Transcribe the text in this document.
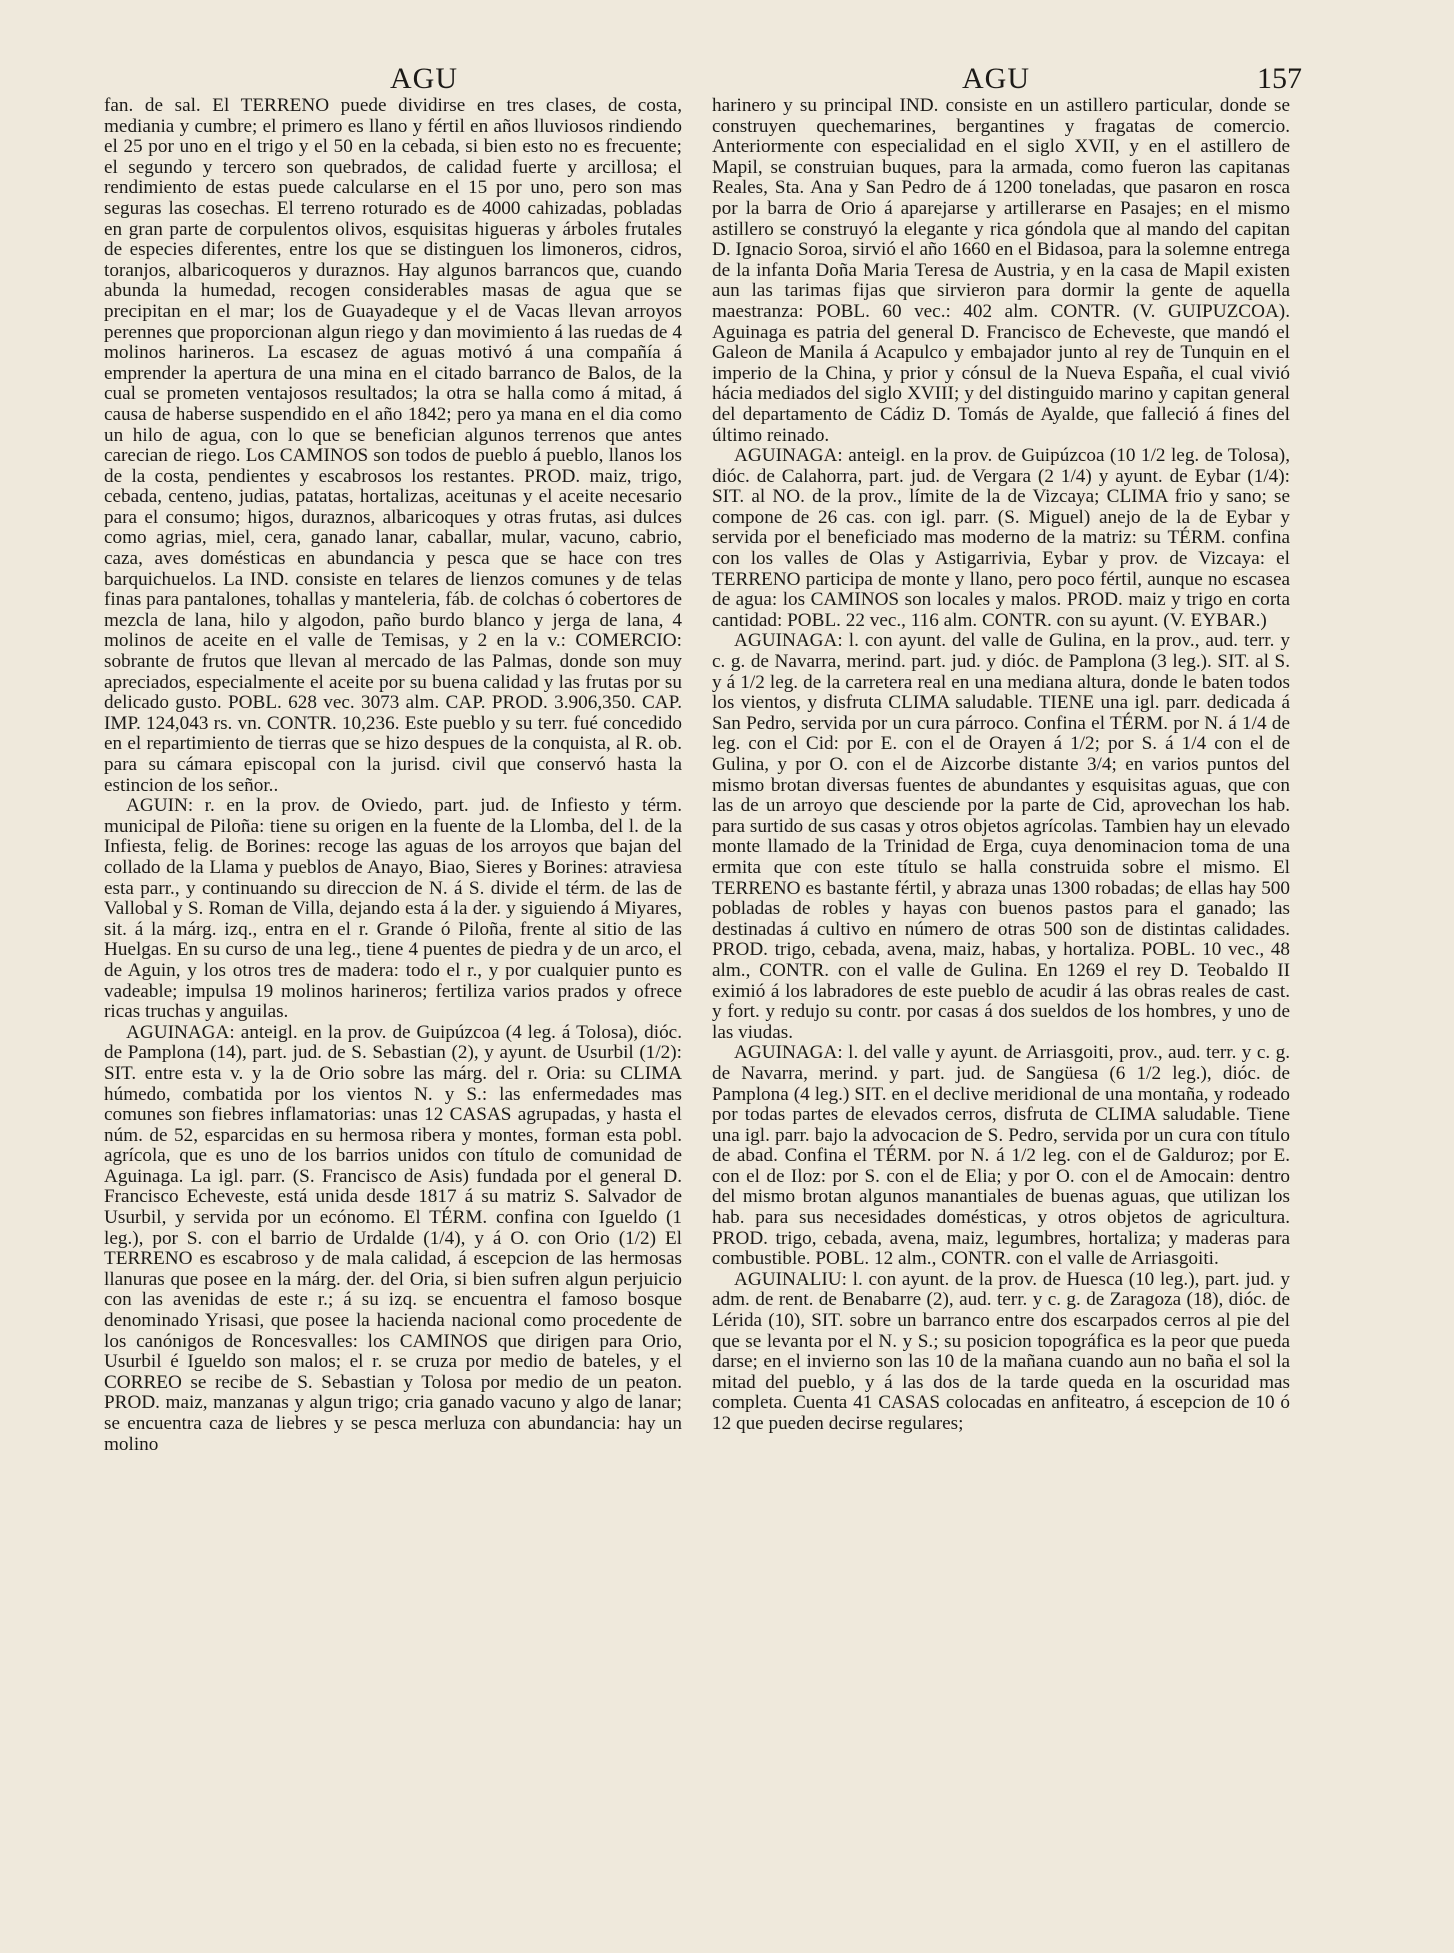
AGU	AGU	157

fan. de sal. El TERRENO puede dividirse en tres clases, de costa, mediania y cumbre; el primero es llano y fértil en años lluviosos rindiendo el 25 por uno en el trigo y el 50 en la cebada, si bien esto no es frecuente; el segundo y tercero son quebrados, de calidad fuerte y arcillosa; el rendimiento de estas puede calcularse en el 15 por uno, pero son mas seguras las cosechas. El terreno roturado es de 4000 cahizadas, pobladas en gran parte de corpulentos olivos, esquisitas higueras y árboles frutales de especies diferentes, entre los que se distinguen los limoneros, cidros, toranjos, albaricoqueros y duraznos. Hay algunos barrancos que, cuando abunda la humedad, recogen considerables masas de agua que se precipitan en el mar; los de Guayadeque y el de Vacas llevan arroyos perennes que proporcionan algun riego y dan movimiento á las ruedas de 4 molinos harineros. La escasez de aguas motivó á una compañía á emprender la apertura de una mina en el citado barranco de Balos, de la cual se prometen ventajosos resultados; la otra se halla como á mitad, á causa de haberse suspendido en el año 1842; pero ya mana en el dia como un hilo de agua, con lo que se benefician algunos terrenos que antes carecian de riego. Los CAMINOS son todos de pueblo á pueblo, llanos los de la costa, pendientes y escabrosos los restantes. PROD. maiz, trigo, cebada, centeno, judias, patatas, hortalizas, aceitunas y el aceite necesario para el consumo; higos, duraznos, albaricoques y otras frutas, asi dulces como agrias, miel, cera, ganado lanar, caballar, mular, vacuno, cabrio, caza, aves domésticas en abundancia y pesca que se hace con tres barquichuelos. La IND. consiste en telares de lienzos comunes y de telas finas para pantalones, tohallas y manteleria, fáb. de colchas ó cobertores de mezcla de lana, hilo y algodon, paño burdo blanco y jerga de lana, 4 molinos de aceite en el valle de Temisas, y 2 en la v.: COMERCIO: sobrante de frutos que llevan al mercado de las Palmas, donde son muy apreciados, especialmente el aceite por su buena calidad y las frutas por su delicado gusto. POBL. 628 vec. 3073 alm. CAP. PROD. 3.906,350. CAP. IMP. 124,043 rs. vn. CONTR. 10,236. Este pueblo y su terr. fué concedido en el repartimiento de tierras que se hizo despues de la conquista, al R. ob. para su cámara episcopal con la jurisd. civil que conservó hasta la estincion de los señor..

AGUIN: r. en la prov. de Oviedo, part. jud. de Infiesto y térm. municipal de Piloña: tiene su origen en la fuente de la Llomba, del l. de la Infiesta, felig. de Borines: recoge las aguas de los arroyos que bajan del collado de la Llama y pueblos de Anayo, Biao, Sieres y Borines: atraviesa esta parr., y continuando su direccion de N. á S. divide el térm. de las de Vallobal y S. Roman de Villa, dejando esta á la der. y siguiendo á Miyares, sit. á la márg. izq., entra en el r. Grande ó Piloña, frente al sitio de las Huelgas. En su curso de una leg., tiene 4 puentes de piedra y de un arco, el de Aguin, y los otros tres de madera: todo el r., y por cualquier punto es vadeable; impulsa 19 molinos harineros; fertiliza varios prados y ofrece ricas truchas y anguilas.

AGUINAGA: anteigl. en la prov. de Guipúzcoa (4 leg. á Tolosa), dióc. de Pamplona (14), part. jud. de S. Sebastian (2), y ayunt. de Usurbil (1/2): SIT. entre esta v. y la de Orio sobre las márg. del r. Oria: su CLIMA húmedo, combatida por los vientos N. y S.: las enfermedades mas comunes son fiebres inflamatorias: unas 12 CASAS agrupadas, y hasta el núm. de 52, esparcidas en su hermosa ribera y montes, forman esta pobl. agrícola, que es uno de los barrios unidos con título de comunidad de Aguinaga. La igl. parr. (S. Francisco de Asis) fundada por el general D. Francisco Echeveste, está unida desde 1817 á su matriz S. Salvador de Usurbil, y servida por un ecónomo. El TÉRM. confina con Igueldo (1 leg.), por S. con el barrio de Urdalde (1/4), y á O. con Orio (1/2) El TERRENO es escabroso y de mala calidad, á escepcion de las hermosas llanuras que posee en la márg. der. del Oria, si bien sufren algun perjuicio con las avenidas de este r.; á su izq. se encuentra el famoso bosque denominado Yrisasi, que posee la hacienda nacional como procedente de los canónigos de Roncesvalles: los CAMINOS que dirigen para Orio, Usurbil é Igueldo son malos; el r. se cruza por medio de bateles, y el CORREO se recibe de S. Sebastian y Tolosa por medio de un peaton. PROD. maiz, manzanas y algun trigo; cria ganado vacuno y algo de lanar; se encuentra caza de liebres y se pesca merluza con abundancia: hay un molino

harinero y su principal IND. consiste en un astillero particular, donde se construyen quechemarines, bergantines y fragatas de comercio. Anteriormente con especialidad en el siglo XVII, y en el astillero de Mapil, se construian buques, para la armada, como fueron las capitanas Reales, Sta. Ana y San Pedro de á 1200 toneladas, que pasaron en rosca por la barra de Orio á aparejarse y artillerarse en Pasajes; en el mismo astillero se construyó la elegante y rica góndola que al mando del capitan D. Ignacio Soroa, sirvió el año 1660 en el Bidasoa, para la solemne entrega de la infanta Doña Maria Teresa de Austria, y en la casa de Mapil existen aun las tarimas fijas que sirvieron para dormir la gente de aquella maestranza: POBL. 60 vec.: 402 alm. CONTR. (V. GUIPUZCOA). Aguinaga es patria del general D. Francisco de Echeveste, que mandó el Galeon de Manila á Acapulco y embajador junto al rey de Tunquin en el imperio de la China, y prior y cónsul de la Nueva España, el cual vivió hácia mediados del siglo XVIII; y del distinguido marino y capitan general del departamento de Cádiz D. Tomás de Ayalde, que falleció á fines del último reinado.

AGUINAGA: anteigl. en la prov. de Guipúzcoa (10 1/2 leg. de Tolosa), dióc. de Calahorra, part. jud. de Vergara (2 1/4) y ayunt. de Eybar (1/4): SIT. al NO. de la prov., límite de la de Vizcaya; CLIMA frio y sano; se compone de 26 cas. con igl. parr. (S. Miguel) anejo de la de Eybar y servida por el beneficiado mas moderno de la matriz: su TÉRM. confina con los valles de Olas y Astigarrivia, Eybar y prov. de Vizcaya: el TERRENO participa de monte y llano, pero poco fértil, aunque no escasea de agua: los CAMINOS son locales y malos. PROD. maiz y trigo en corta cantidad: POBL. 22 vec., 116 alm. CONTR. con su ayunt. (V. EYBAR.)

AGUINAGA: l. con ayunt. del valle de Gulina, en la prov., aud. terr. y c. g. de Navarra, merind. part. jud. y dióc. de Pamplona (3 leg.). SIT. al S. y á 1/2 leg. de la carretera real en una mediana altura, donde le baten todos los vientos, y disfruta CLIMA saludable. TIENE una igl. parr. dedicada á San Pedro, servida por un cura párroco. Confina el TÉRM. por N. á 1/4 de leg. con el Cid: por E. con el de Orayen á 1/2; por S. á 1/4 con el de Gulina, y por O. con el de Aizcorbe distante 3/4; en varios puntos del mismo brotan diversas fuentes de abundantes y esquisitas aguas, que con las de un arroyo que desciende por la parte de Cid, aprovechan los hab. para surtido de sus casas y otros objetos agrícolas. Tambien hay un elevado monte llamado de la Trinidad de Erga, cuya denominacion toma de una ermita que con este título se halla construida sobre el mismo. El TERRENO es bastante fértil, y abraza unas 1300 robadas; de ellas hay 500 pobladas de robles y hayas con buenos pastos para el ganado; las destinadas á cultivo en número de otras 500 son de distintas calidades. PROD. trigo, cebada, avena, maiz, habas, y hortaliza. POBL. 10 vec., 48 alm., CONTR. con el valle de Gulina. En 1269 el rey D. Teobaldo II eximió á los labradores de este pueblo de acudir á las obras reales de cast. y fort. y redujo su contr. por casas á dos sueldos de los hombres, y uno de las viudas.

AGUINAGA: l. del valle y ayunt. de Arriasgoiti, prov., aud. terr. y c. g. de Navarra, merind. y part. jud. de Sangüesa (6 1/2 leg.), dióc. de Pamplona (4 leg.) SIT. en el declive meridional de una montaña, y rodeado por todas partes de elevados cerros, disfruta de CLIMA saludable. Tiene una igl. parr. bajo la advocacion de S. Pedro, servida por un cura con título de abad. Confina el TÉRM. por N. á 1/2 leg. con el de Galduroz; por E. con el de Iloz: por S. con el de Elia; y por O. con el de Amocain: dentro del mismo brotan algunos manantiales de buenas aguas, que utilizan los hab. para sus necesidades domésticas, y otros objetos de agricultura. PROD. trigo, cebada, avena, maiz, legumbres, hortaliza; y maderas para combustible. POBL. 12 alm., CONTR. con el valle de Arriasgoiti.

AGUINALIU: l. con ayunt. de la prov. de Huesca (10 leg.), part. jud. y adm. de rent. de Benabarre (2), aud. terr. y c. g. de Zaragoza (18), dióc. de Lérida (10), SIT. sobre un barranco entre dos escarpados cerros al pie del que se levanta por el N. y S.; su posicion topográfica es la peor que pueda darse; en el invierno son las 10 de la mañana cuando aun no baña el sol la mitad del pueblo, y á las dos de la tarde queda en la oscuridad mas completa. Cuenta 41 CASAS colocadas en anfiteatro, á escepcion de 10 ó 12 que pueden decirse regulares;
